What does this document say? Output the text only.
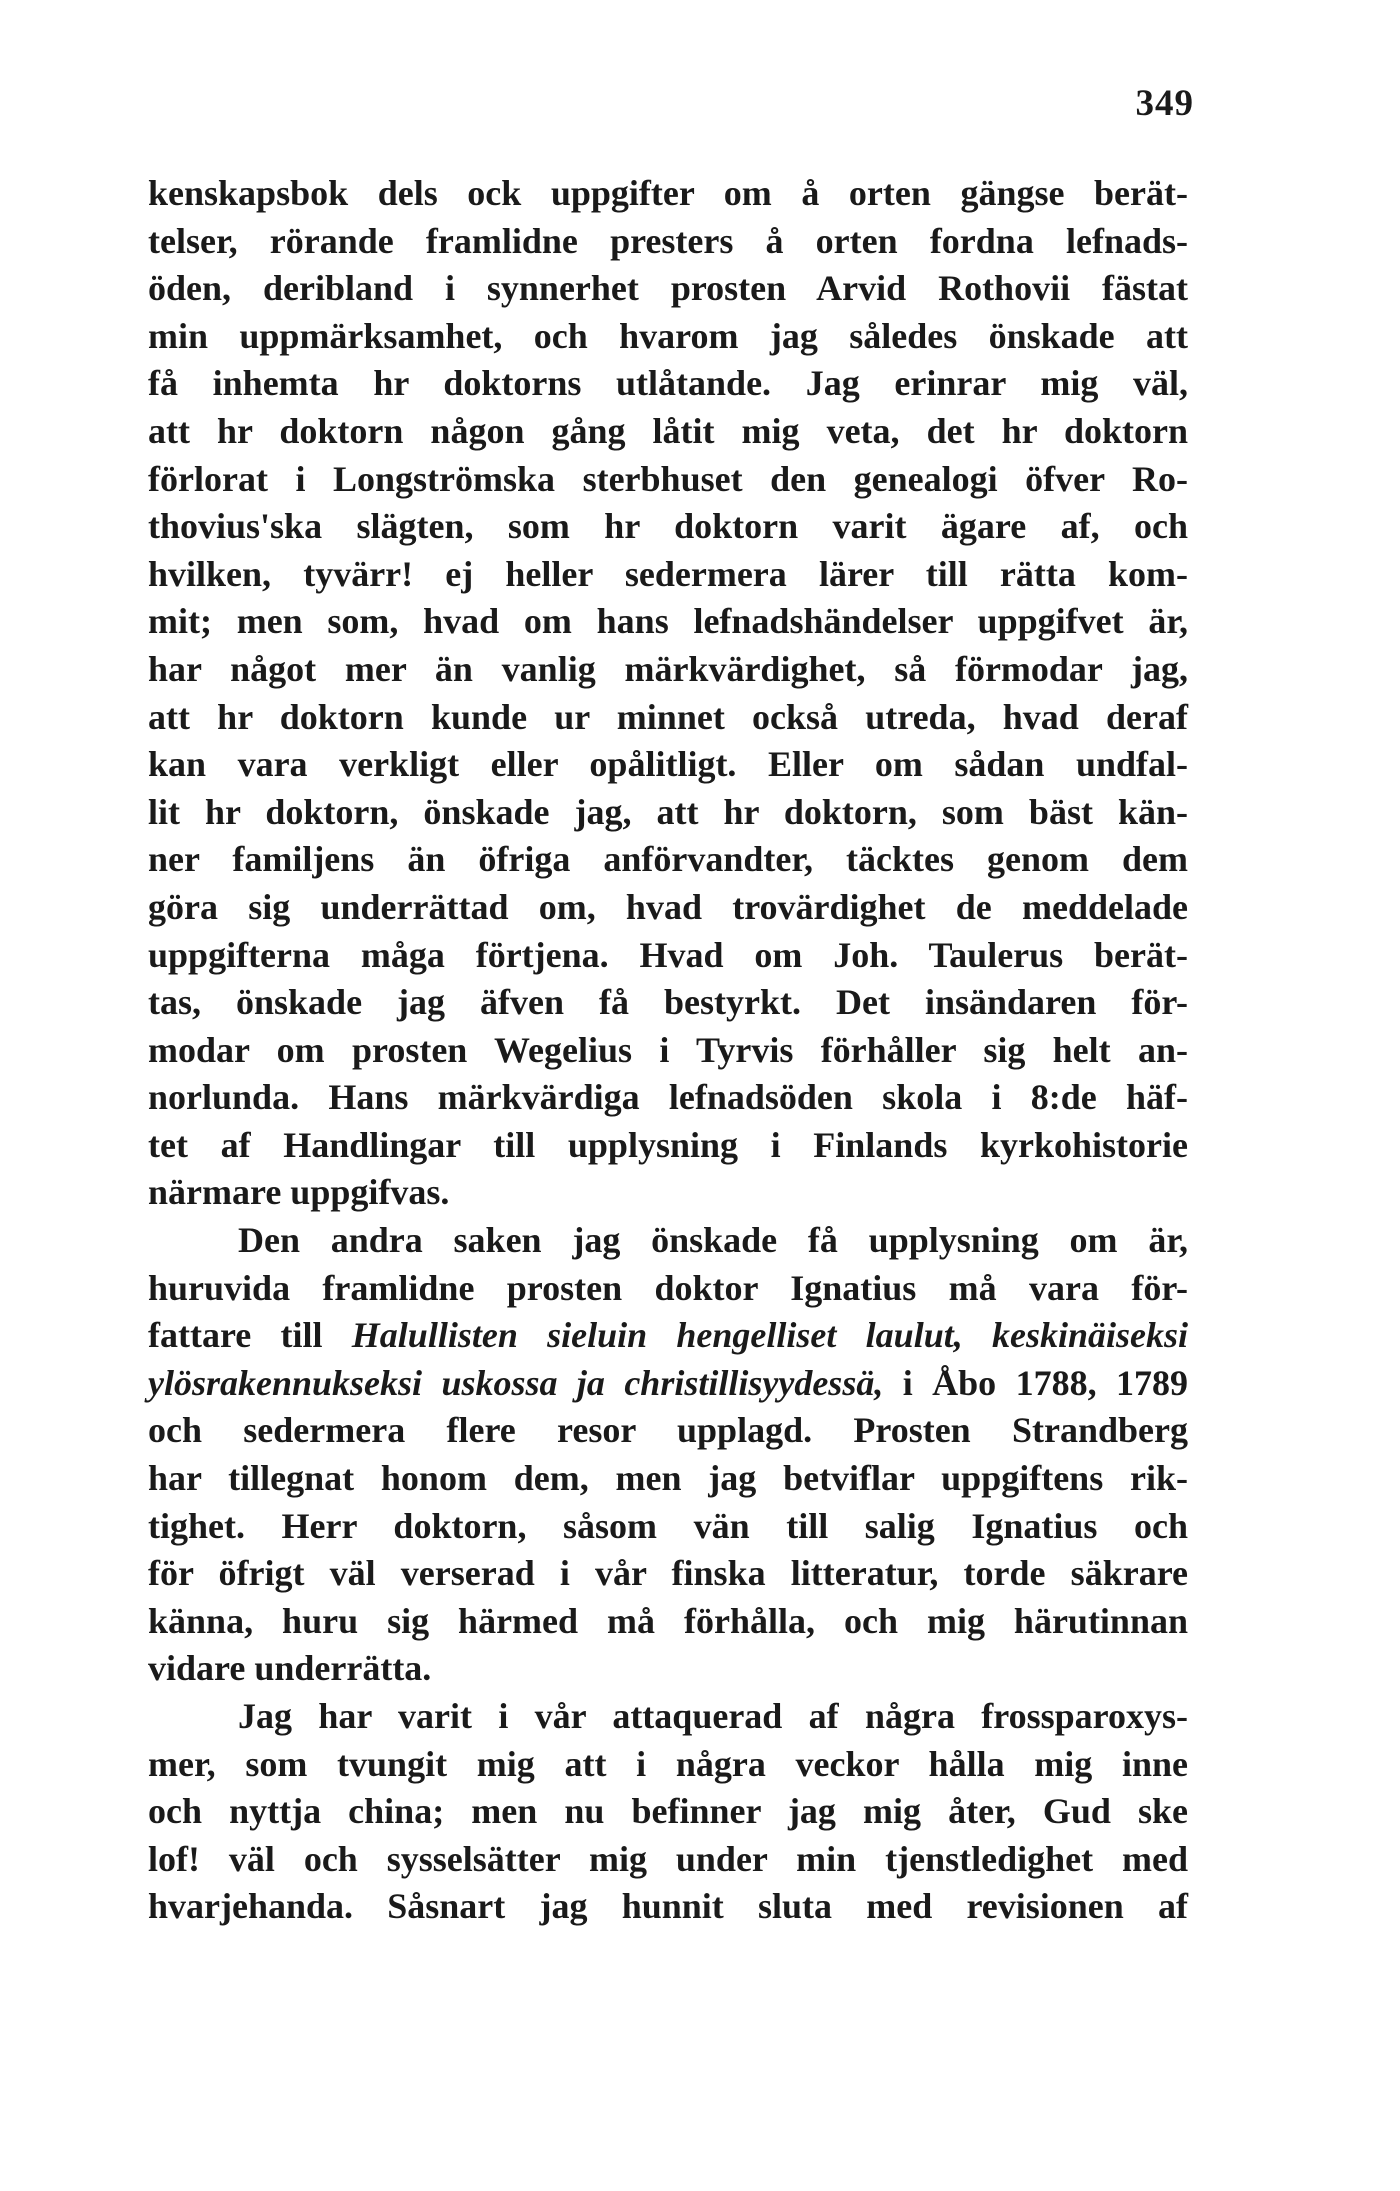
349
kenskapsbok dels ock uppgifter om å orten gängse berät-
telser, rörande framlidne presters å orten fordna lefnads-
öden, deribland i synnerhet prosten Arvid Rothovii fästat
min uppmärksamhet, och hvarom jag således önskade att
få inhemta hr doktorns utlåtande. Jag erinrar mig väl,
att hr doktorn någon gång låtit mig veta, det hr doktorn
förlorat i Longströmska sterbhuset den genealogi öfver Ro-
thovius'ska slägten, som hr doktorn varit ägare af, och
hvilken, tyvärr! ej heller sedermera lärer till rätta kom-
mit; men som, hvad om hans lefnadshändelser uppgifvet är,
har något mer än vanlig märkvärdighet, så förmodar jag,
att hr doktorn kunde ur minnet också utreda, hvad deraf
kan vara verkligt eller opålitligt. Eller om sådan undfal-
lit hr doktorn, önskade jag, att hr doktorn, som bäst kän-
ner familjens än öfriga anförvandter, täcktes genom dem
göra sig underrättad om, hvad trovärdighet de meddelade
uppgifterna måga förtjena. Hvad om Joh. Taulerus berät-
tas, önskade jag äfven få bestyrkt. Det insändaren för-
modar om prosten Wegelius i Tyrvis förhåller sig helt an-
norlunda. Hans märkvärdiga lefnadsöden skola i 8:de häf-
tet af Handlingar till upplysning i Finlands kyrkohistorie
närmare uppgifvas.
Den andra saken jag önskade få upplysning om är,
huruvida framlidne prosten doktor Ignatius må vara för-
fattare till Halullisten sieluin hengelliset laulut, keskinäiseksi
ylösrakennukseksi uskossa ja christillisyydessä, i Åbo 1788, 1789
och sedermera flere resor upplagd. Prosten Strandberg
har tillegnat honom dem, men jag betviflar uppgiftens rik-
tighet. Herr doktorn, såsom vän till salig Ignatius och
för öfrigt väl verserad i vår finska litteratur, torde säkrare
känna, huru sig härmed må förhålla, och mig härutinnan
vidare underrätta.
Jag har varit i vår attaquerad af några frossparoxys-
mer, som tvungit mig att i några veckor hålla mig inne
och nyttja china; men nu befinner jag mig åter, Gud ske
lof! väl och sysselsätter mig under min tjenstledighet med
hvarjehanda. Såsnart jag hunnit sluta med revisionen af
